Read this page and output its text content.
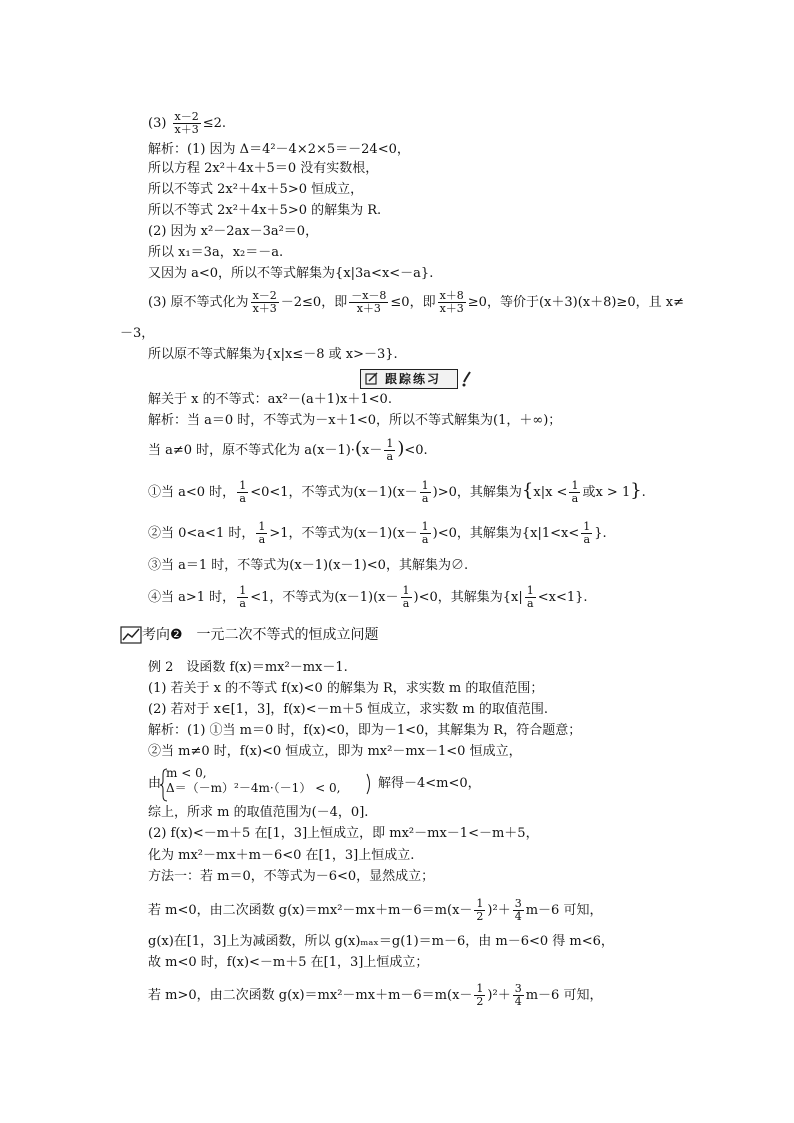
$(3) \frac{x-2}{x+3} \le 2$.
解析：(1) 因为 Δ＝4²－4×2×5＝－24<0，
所以方程 2x²＋4x＋5＝0 没有实数根，
所以不等式 2x²＋4x＋5>0 恒成立，
所以不等式 2x²＋4x＋5>0 的解集为 R.
(2) 因为 x²－2ax－3a²＝0，
所以 x₁＝3a，x₂＝－a.
又因为 a<0，所以不等式解集为{x|3a<x<－a}.
(3) 原不等式化为 $\frac{x-2}{x+3} -2\le 0$，即 $\frac{-x-8}{x+3} \le 0$，即 $\frac{x+8}{x+3} \ge 0$，等价于(x＋3)(x＋8)≥0，且 x≠
－3，
所以原不等式解集为{x|x≤－8 或 x>－3}.
跟踪练习
解关于 x 的不等式：ax²－(a＋1)x＋1<0.
解析：当 a＝0 时，不等式为－x＋1<0，所以不等式解集为(1，＋∞)；
当 a≠0 时，原不等式化为 $a(x-1)\cdot(x- \frac{1}{a} )<0$.
①当 a<0 时， $\frac{1}{a} <0<1$，不等式为$(x-1)(x- \frac{1}{a} )>0$，其解集为{$x|x < \frac{1}{a}$ 或x > 1}.
②当 0<a<1 时， $\frac{1}{a} >1$，不等式为$(x-1)(x- \frac{1}{a} )<0$，其解集为{$x|1<x< \frac{1}{a}$ }.
③当 a＝1 时，不等式为(x－1)(x－1)<0，其解集为∅.
④当 a>1 时， $\frac{1}{a} <1$，不等式为$(x-1)(x- \frac{1}{a} )<0$，其解集为$\{x| \frac{1}{a} <x<1\}$.
考向❷　一元二次不等式的恒成立问题
例 2　设函数 f(x)＝mx²－mx－1.
(1) 若关于 x 的不等式 f(x)<0 的解集为 R，求实数 m 的取值范围；
(2) 若对于 x∈[1，3]，f(x)<－m＋5 恒成立，求实数 m 的取值范围.
解析：(1) ①当 m＝0 时，f(x)<0，即为－1<0，其解集为 R，符合题意；
②当 m≠0 时，f(x)<0 恒成立，即为 mx²－mx－1<0 恒成立，
由
m < 0,
Δ＝（－m）²－4m·（－1） < 0,	解得－4<m<0，
综上，所求 m 的取值范围为(－4，0].
(2) f(x)<－m＋5 在[1，3]上恒成立，即 mx²－mx－1<－m＋5，
化为 mx²－mx＋m－6<0 在[1，3]上恒成立.
方法一：若 m＝0，不等式为－6<0，显然成立；
若 m<0，由二次函数 $g(x)=mx^2-mx+m-6=m(x- \frac{1}{2} )^2+ \frac{3}{4} m-6$ 可知，
g(x)在[1，3]上为减函数，所以 g(x)ₘₐₓ＝g(1)＝m－6，由 m－6<0 得 m<6，
故 m<0 时，f(x)<－m＋5 在[1，3]上恒成立；
若 m>0，由二次函数 $g(x)=mx^2-mx+m-6=m(x- \frac{1}{2} )^2+ \frac{3}{4} m-6$ 可知，
